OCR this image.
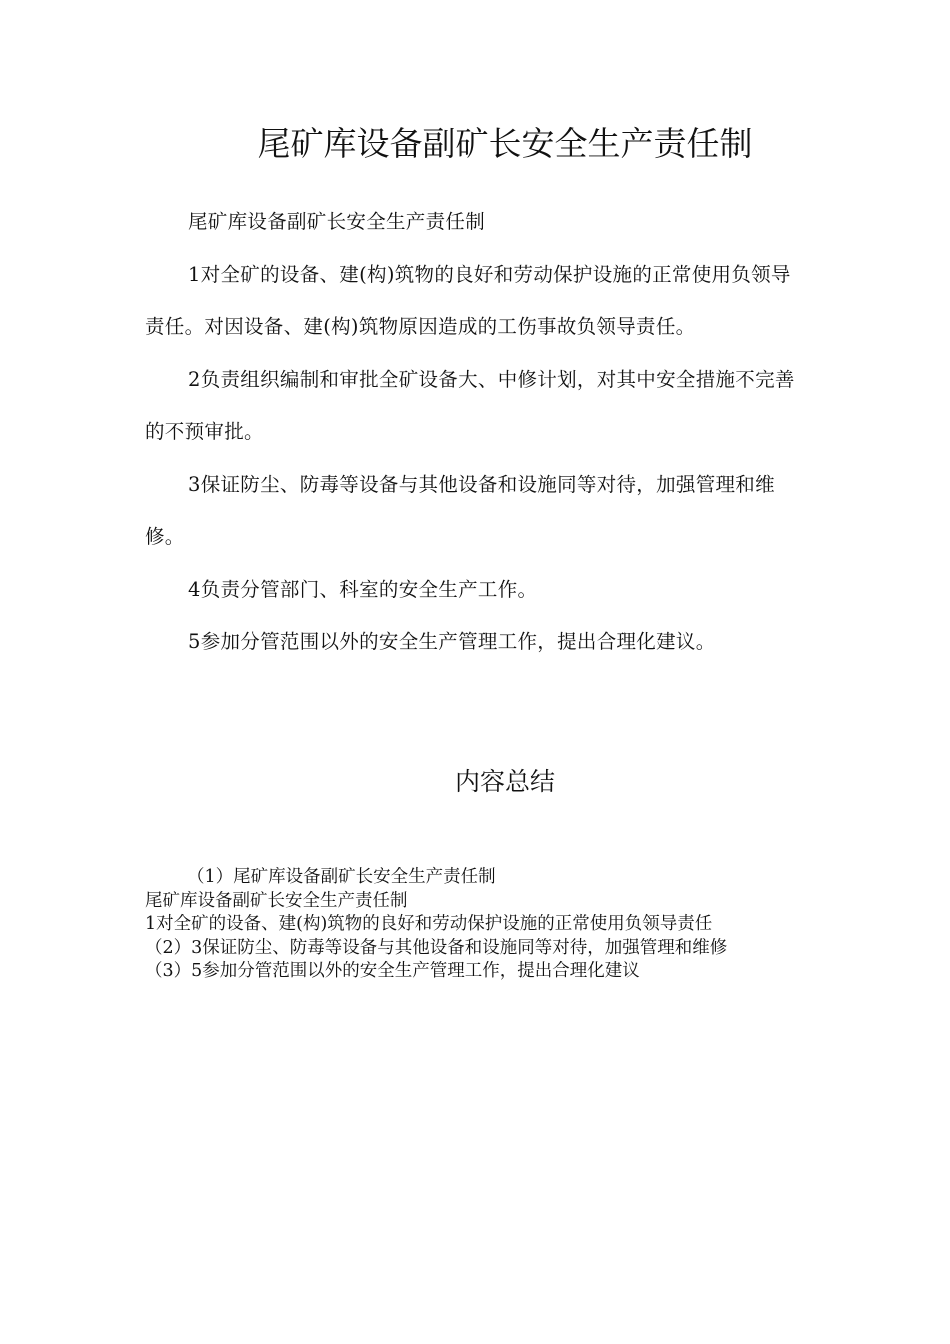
尾矿库设备副矿长安全生产责任制

尾矿库设备副矿长安全生产责任制

1对全矿的设备、建(构)筑物的良好和劳动保护设施的正常使用负领导责任。对因设备、建(构)筑物原因造成的工伤事故负领导责任。

2负责组织编制和审批全矿设备大、中修计划，对其中安全措施不完善的不预审批。

3保证防尘、防毒等设备与其他设备和设施同等对待，加强管理和维修。

4负责分管部门、科室的安全生产工作。

5参加分管范围以外的安全生产管理工作，提出合理化建议。

内容总结

（1）尾矿库设备副矿长安全生产责任制

尾矿库设备副矿长安全生产责任制

1对全矿的设备、建(构)筑物的良好和劳动保护设施的正常使用负领导责任

（2）3保证防尘、防毒等设备与其他设备和设施同等对待，加强管理和维修

（3）5参加分管范围以外的安全生产管理工作，提出合理化建议
